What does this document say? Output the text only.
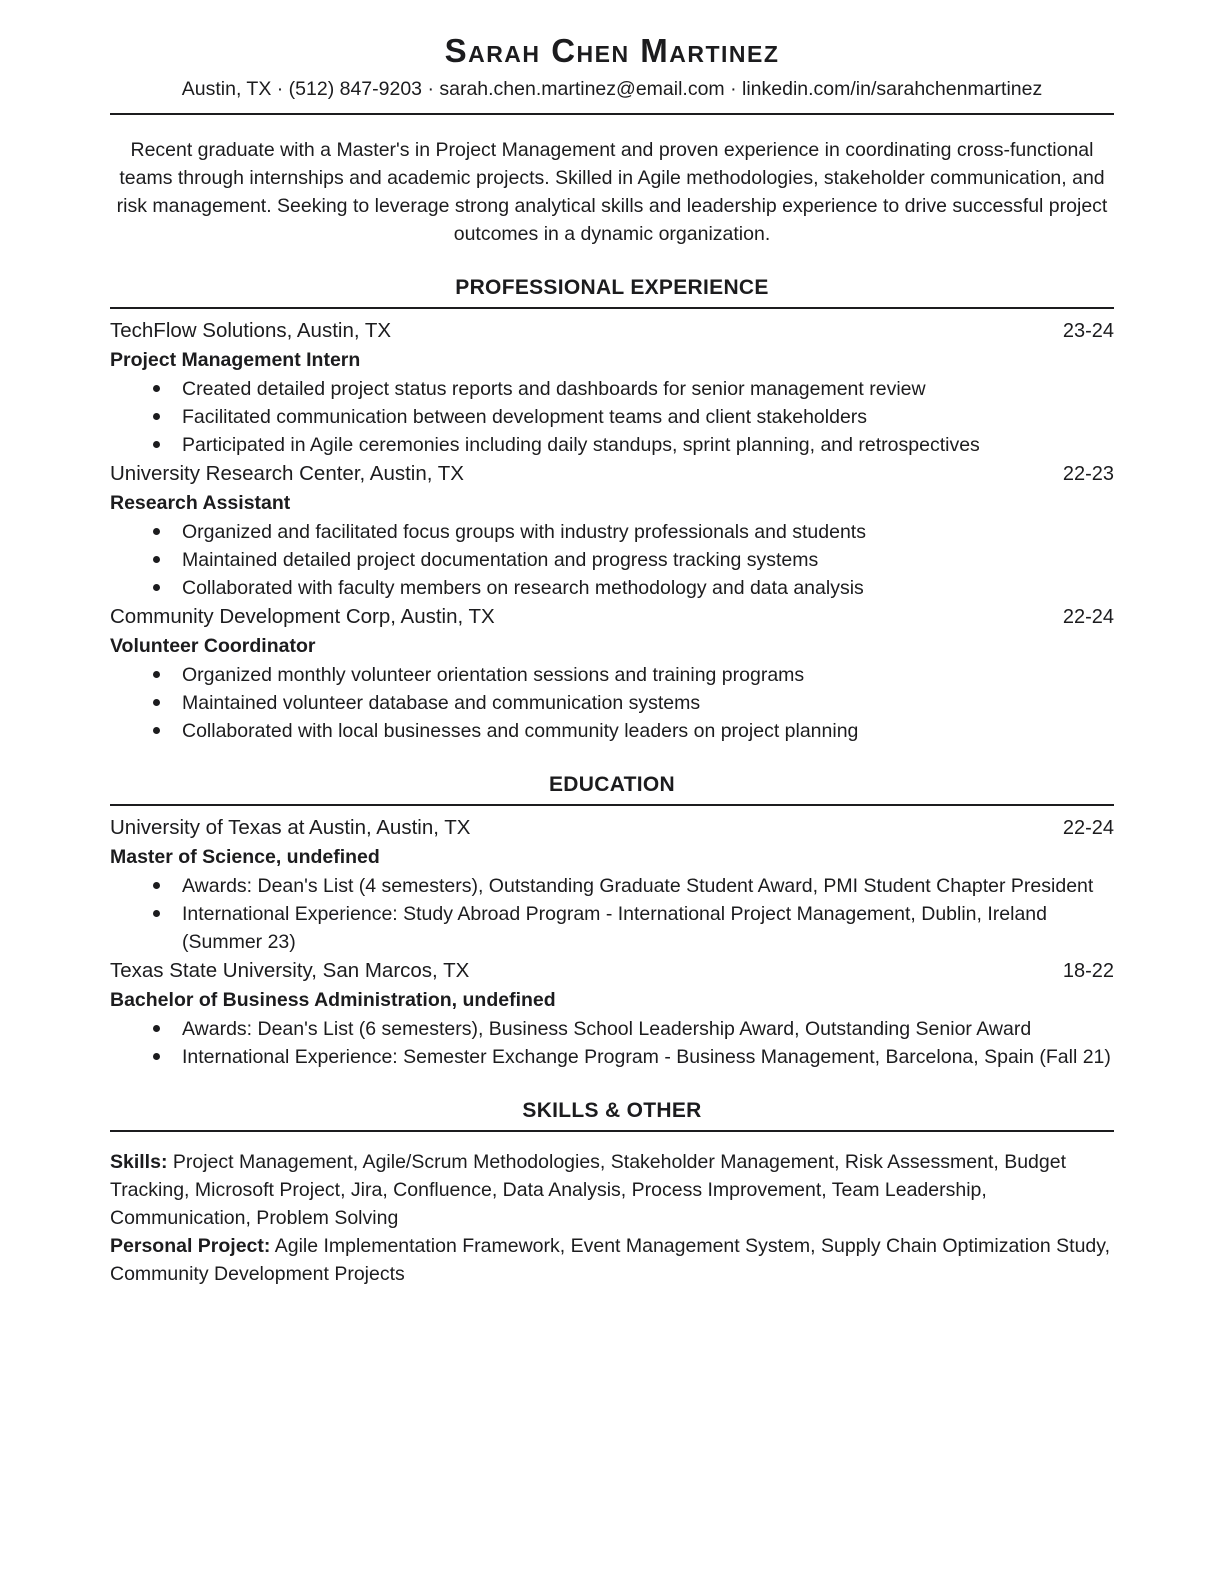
Sarah Chen Martinez
Austin, TX · (512) 847-9203 · sarah.chen.martinez@email.com · linkedin.com/in/sarahchenmartinez

Recent graduate with a Master's in Project Management and proven experience in coordinating cross-functional teams through internships and academic projects. Skilled in Agile methodologies, stakeholder communication, and risk management. Seeking to leverage strong analytical skills and leadership experience to drive successful project outcomes in a dynamic organization.

PROFESSIONAL EXPERIENCE
TechFlow Solutions, Austin, TX	23-24
Project Management Intern
Created detailed project status reports and dashboards for senior management review
Facilitated communication between development teams and client stakeholders
Participated in Agile ceremonies including daily standups, sprint planning, and retrospectives
University Research Center, Austin, TX	22-23
Research Assistant
Organized and facilitated focus groups with industry professionals and students
Maintained detailed project documentation and progress tracking systems
Collaborated with faculty members on research methodology and data analysis
Community Development Corp, Austin, TX	22-24
Volunteer Coordinator
Organized monthly volunteer orientation sessions and training programs
Maintained volunteer database and communication systems
Collaborated with local businesses and community leaders on project planning
EDUCATION
University of Texas at Austin, Austin, TX	22-24
Master of Science, undefined
Awards: Dean's List (4 semesters), Outstanding Graduate Student Award, PMI Student Chapter President
International Experience: Study Abroad Program - International Project Management, Dublin, Ireland (Summer 23)
Texas State University, San Marcos, TX	18-22
Bachelor of Business Administration, undefined
Awards: Dean's List (6 semesters), Business School Leadership Award, Outstanding Senior Award
International Experience: Semester Exchange Program - Business Management, Barcelona, Spain (Fall 21)
SKILLS & OTHER

Skills: Project Management, Agile/Scrum Methodologies, Stakeholder Management, Risk Assessment, Budget Tracking, Microsoft Project, Jira, Confluence, Data Analysis, Process Improvement, Team Leadership, Communication, Problem Solving

Personal Project: Agile Implementation Framework, Event Management System, Supply Chain Optimization Study, Community Development Projects
